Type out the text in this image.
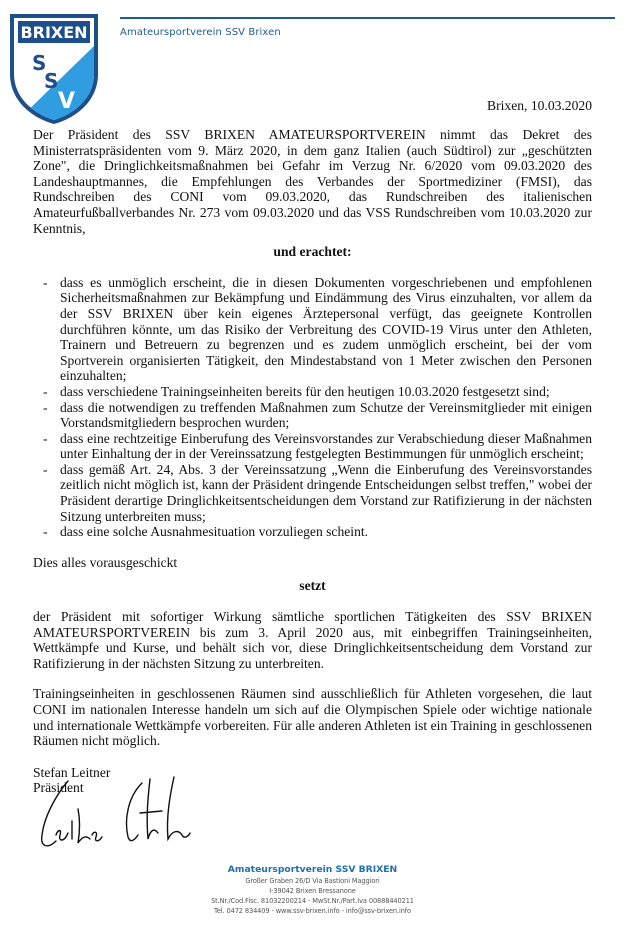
BRIXEN
S
S
V
Amateursportverein SSV Brixen
Brixen, 10.03.2020

Der Präsident des SSV BRIXEN AMATEURSPORTVEREIN nimmt das Dekret des Ministerratspräsidenten vom 9. März 2020, in dem ganz Italien (auch Südtirol) zur „geschützten Zone", die Dringlichkeitsmaßnahmen bei Gefahr im Verzug Nr. 6/2020 vom 09.03.2020 des Landeshauptmannes, die Empfehlungen des Verbandes der Sportmediziner (FMSI), das Rundschreiben des CONI vom 09.03.2020, das Rundschreiben des italienischen Amateurfußballverbandes Nr. 273 vom 09.03.2020 und das VSS Rundschreiben vom 10.03.2020 zur Kenntnis,

und erachtet:

- dass es unmöglich erscheint, die in diesen Dokumenten vorgeschriebenen und empfohlenen Sicherheitsmaßnahmen zur Bekämpfung und Eindämmung des Virus einzuhalten, vor allem da der SSV BRIXEN über kein eigenes Ärztepersonal verfügt, das geeignete Kontrollen durchführen könnte, um das Risiko der Verbreitung des COVID-19 Virus unter den Athleten, Trainern und Betreuern zu begrenzen und es zudem unmöglich erscheint, bei der vom Sportverein organisierten Tätigkeit, den Mindestabstand von 1 Meter zwischen den Personen einzuhalten;
- dass verschiedene Trainingseinheiten bereits für den heutigen 10.03.2020 festgesetzt sind;
- dass die notwendigen zu treffenden Maßnahmen zum Schutze der Vereinsmitglieder mit einigen Vorstandsmitgliedern besprochen wurden;
- dass eine rechtzeitige Einberufung des Vereinsvorstandes zur Verabschiedung dieser Maßnahmen unter Einhaltung der in der Vereinssatzung festgelegten Bestimmungen für unmöglich erscheint;
- dass gemäß Art. 24, Abs. 3 der Vereinssatzung „Wenn die Einberufung des Vereinsvorstandes zeitlich nicht möglich ist, kann der Präsident dringende Entscheidungen selbst treffen," wobei der Präsident derartige Dringlichkeitsentscheidungen dem Vorstand zur Ratifizierung in der nächsten Sitzung unterbreiten muss;
- dass eine solche Ausnahmesituation vorzuliegen scheint.

Dies alles vorausgeschickt

setzt

der Präsident mit sofortiger Wirkung sämtliche sportlichen Tätigkeiten des SSV BRIXEN AMATEURSPORTVEREIN bis zum 3. April 2020 aus, mit einbegriffen Trainingseinheiten, Wettkämpfe und Kurse, und behält sich vor, diese Dringlichkeitsentscheidung dem Vorstand zur Ratifizierung in der nächsten Sitzung zu unterbreiten.

Trainingseinheiten in geschlossenen Räumen sind ausschließlich für Athleten vorgesehen, die laut CONI im nationalen Interesse handeln um sich auf die Olympischen Spiele oder wichtige nationale und internationale Wettkämpfe vorbereiten. Für alle anderen Athleten ist ein Training in geschlossenen Räumen nicht möglich.

Stefan Leitner
Präsident
Amateursportverein SSV BRIXEN
Großer Graben 26/D Via Bastioni Maggiori
I-39042 Brixen Bressanone
St.Nr./Cod.Fisc. 81032200214 - MwSt.Nr./Part.Iva 00888440211
Tel. 0472 834409 - www.ssv-brixen.info - info@ssv-brixen.info
